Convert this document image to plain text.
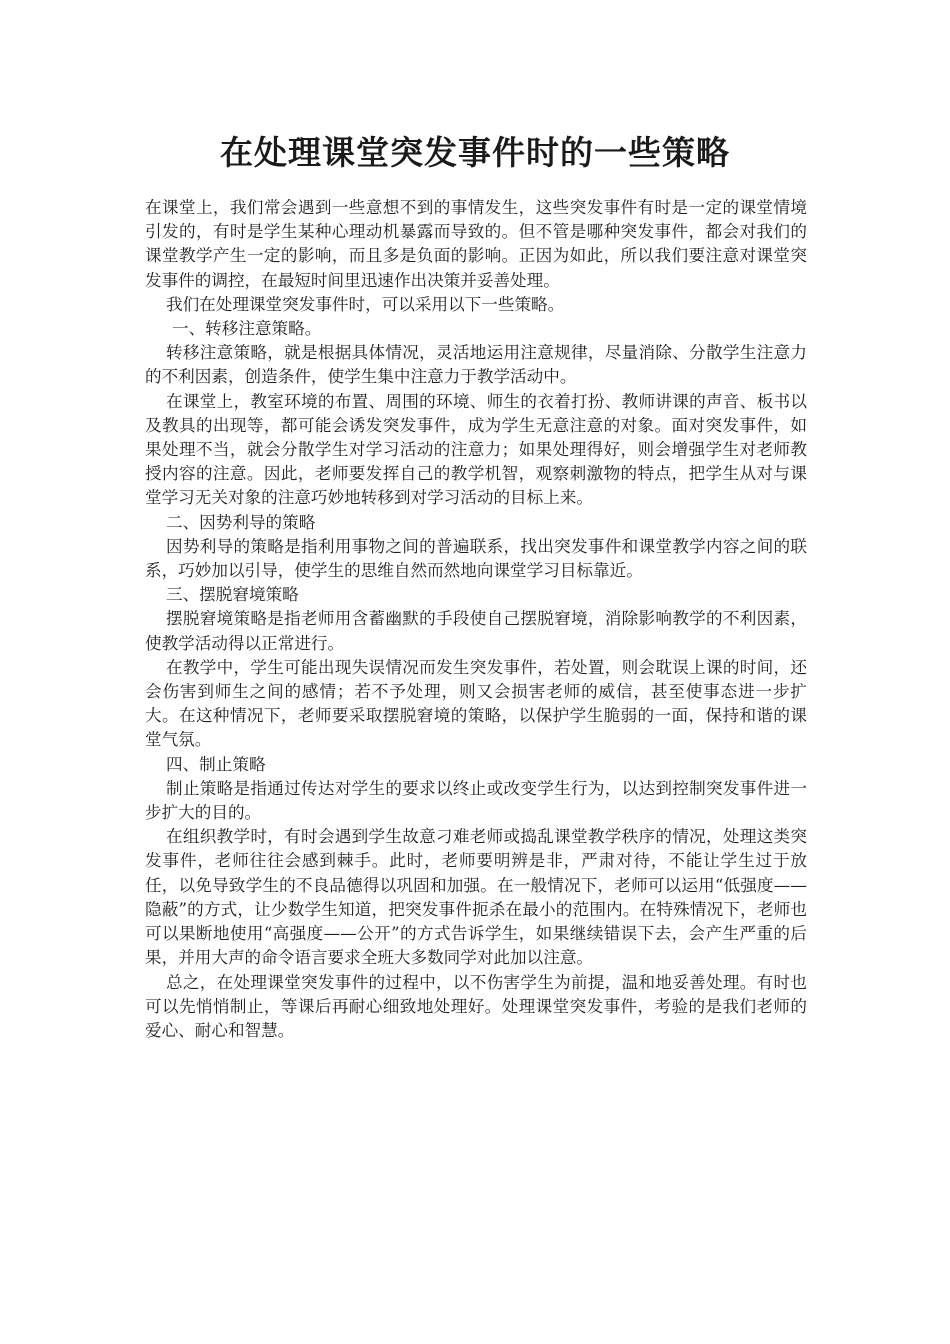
在处理课堂突发事件时的一些策略

在课堂上，我们常会遇到一些意想不到的事情发生，这些突发事件有时是一定的课堂情境引发的，有时是学生某种心理动机暴露而导致的。但不管是哪种突发事件，都会对我们的课堂教学产生一定的影响，而且多是负面的影响。正因为如此，所以我们要注意对课堂突发事件的调控，在最短时间里迅速作出决策并妥善处理。

我们在处理课堂突发事件时，可以采用以下一些策略。

一、转移注意策略。

转移注意策略，就是根据具体情况，灵活地运用注意规律，尽量消除、分散学生注意力的不利因素，创造条件，使学生集中注意力于教学活动中。

在课堂上，教室环境的布置、周围的环境、师生的衣着打扮、教师讲课的声音、板书以及教具的出现等，都可能会诱发突发事件，成为学生无意注意的对象。面对突发事件，如果处理不当，就会分散学生对学习活动的注意力；如果处理得好，则会增强学生对老师教授内容的注意。因此，老师要发挥自己的教学机智，观察刺激物的特点，把学生从对与课堂学习无关对象的注意巧妙地转移到对学习活动的目标上来。

二、因势利导的策略

因势利导的策略是指利用事物之间的普遍联系，找出突发事件和课堂教学内容之间的联系，巧妙加以引导，使学生的思维自然而然地向课堂学习目标靠近。

三、摆脱窘境策略

摆脱窘境策略是指老师用含蓄幽默的手段使自己摆脱窘境，消除影响教学的不利因素，使教学活动得以正常进行。

在教学中，学生可能出现失误情况而发生突发事件，若处置，则会耽误上课的时间，还会伤害到师生之间的感情；若不予处理，则又会损害老师的威信，甚至使事态进一步扩大。在这种情况下，老师要采取摆脱窘境的策略，以保护学生脆弱的一面，保持和谐的课堂气氛。

四、制止策略

制止策略是指通过传达对学生的要求以终止或改变学生行为，以达到控制突发事件进一步扩大的目的。

在组织教学时，有时会遇到学生故意刁难老师或捣乱课堂教学秩序的情况，处理这类突发事件，老师往往会感到棘手。此时，老师要明辨是非，严肃对待，不能让学生过于放任，以免导致学生的不良品德得以巩固和加强。在一般情况下，老师可以运用“低强度——隐蔽”的方式，让少数学生知道，把突发事件扼杀在最小的范围内。在特殊情况下，老师也可以果断地使用“高强度——公开”的方式告诉学生，如果继续错误下去，会产生严重的后果，并用大声的命令语言要求全班大多数同学对此加以注意。

总之，在处理课堂突发事件的过程中，以不伤害学生为前提，温和地妥善处理。有时也可以先悄悄制止，等课后再耐心细致地处理好。处理课堂突发事件，考验的是我们老师的爱心、耐心和智慧。
